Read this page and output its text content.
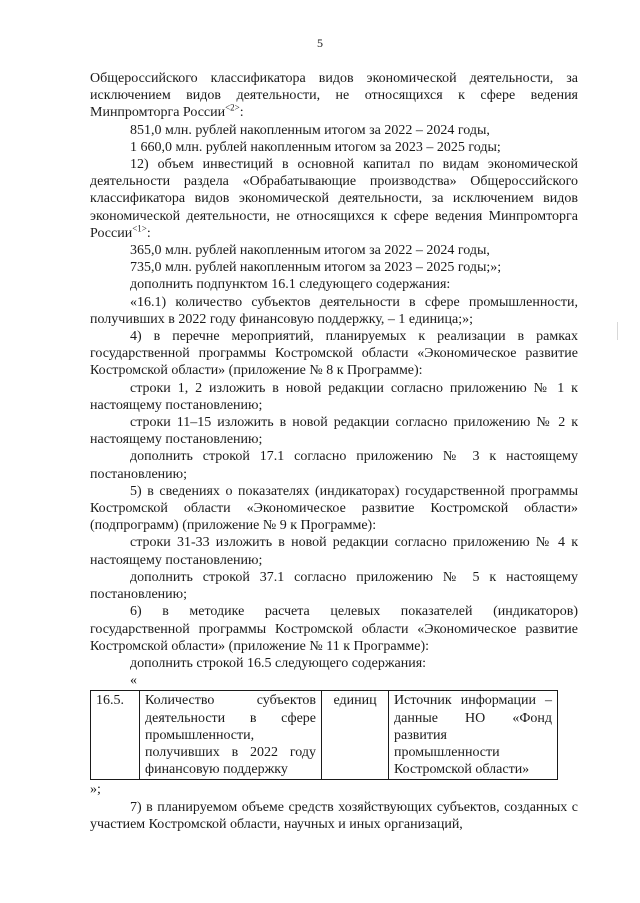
5

Общероссийского классификатора видов экономической деятельности, за исключением видов деятельности, не относящихся к сфере ведения Минпромторга России$^{<2>}$:

851,0 млн. рублей накопленным итогом за 2022 – 2024 годы,

1 660,0 млн. рублей накопленным итогом за 2023 – 2025 годы;

12) объем инвестиций в основной капитал по видам экономической деятельности раздела «Обрабатывающие производства» Общероссийского классификатора видов экономической деятельности, за исключением видов экономической деятельности, не относящихся к сфере ведения Минпромторга России$^{<1>}$:

365,0 млн. рублей накопленным итогом за 2022 – 2024 годы,

735,0 млн. рублей накопленным итогом за 2023 – 2025 годы;»;

дополнить подпунктом 16.1 следующего содержания:

«16.1) количество субъектов деятельности в сфере промышленности, получивших в 2022 году финансовую поддержку, – 1 единица;»;

4) в перечне мероприятий, планируемых к реализации в рамках государственной программы Костромской области «Экономическое развитие Костромской области» (приложение № 8 к Программе):

строки 1, 2 изложить в новой редакции согласно приложению № 1 к настоящему постановлению;

строки 11–15 изложить в новой редакции согласно приложению № 2 к настоящему постановлению;

дополнить строкой 17.1 согласно приложению № 3 к настоящему постановлению;

5) в сведениях о показателях (индикаторах) государственной программы Костромской области «Экономическое развитие Костромской области» (подпрограмм) (приложение № 9 к Программе):

строки 31-33 изложить в новой редакции согласно приложению № 4 к настоящему постановлению;

дополнить строкой 37.1 согласно приложению № 5 к настоящему постановлению;

6) в методике расчета целевых показателей (индикаторов) государственной программы Костромской области «Экономическое развитие Костромской области» (приложение № 11 к Программе):

дополнить строкой 16.5 следующего содержания:

«

16.5.	Количество субъектов деятельности в сфере промышленности, получивших в 2022 году финансовую поддержку	единиц	Источник информации – данные НО «Фонд развития промышленности Костромской области»

»;

7) в планируемом объеме средств хозяйствующих субъектов, созданных с участием Костромской области, научных и иных организаций,
